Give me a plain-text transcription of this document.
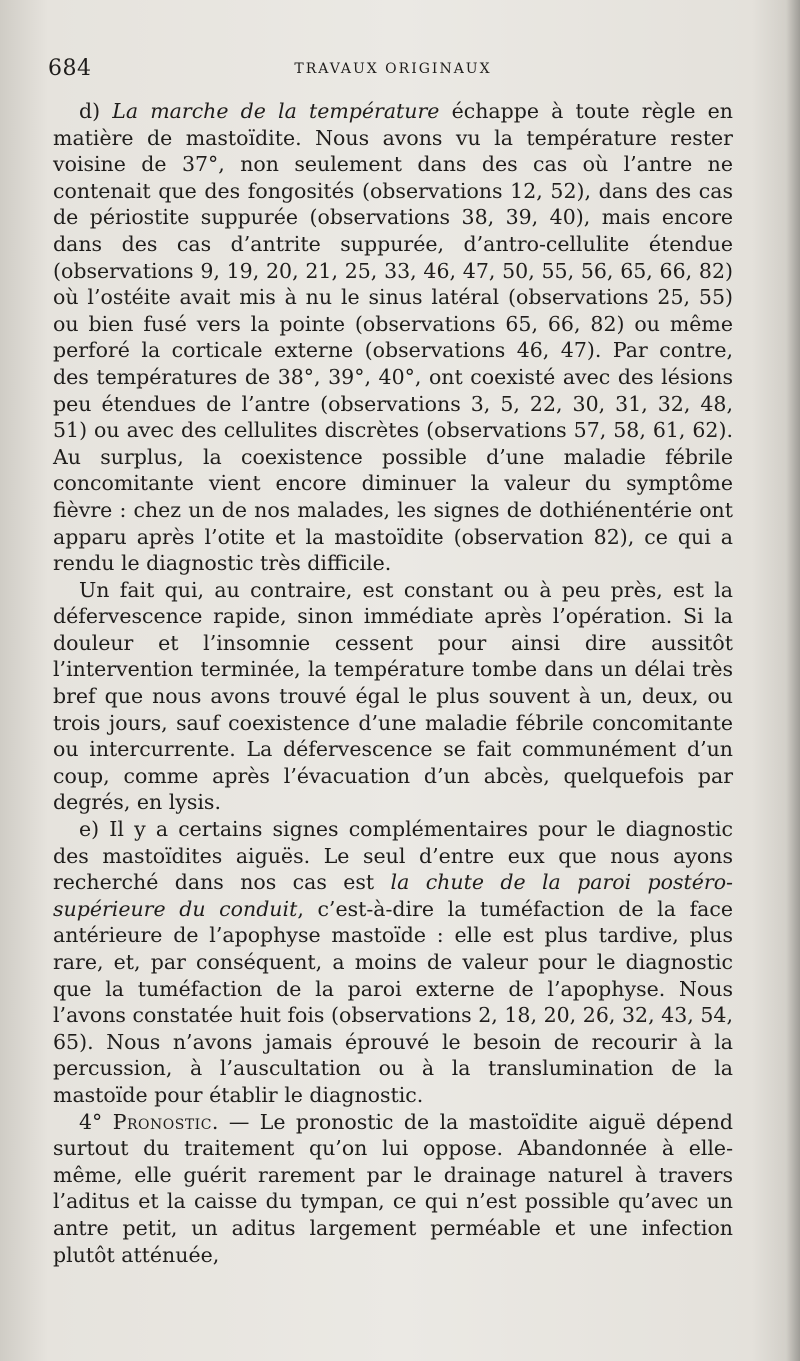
684	TRAVAUX ORIGINAUX

d) La marche de la température échappe à toute règle en matière de mastoïdite. Nous avons vu la température rester voisine de 37°, non seulement dans des cas où l’antre ne contenait que des fongosités (observations 12, 52), dans des cas de périostite suppurée (observations 38, 39, 40), mais encore dans des cas d’antrite suppurée, d’antro-cellulite étendue (observations 9, 19, 20, 21, 25, 33, 46, 47, 50, 55, 56, 65, 66, 82) où l’ostéite avait mis à nu le sinus latéral (observations 25, 55) ou bien fusé vers la pointe (observations 65, 66, 82) ou même perforé la corticale externe (observations 46, 47). Par contre, des températures de 38°, 39°, 40°, ont coexisté avec des lésions peu étendues de l’antre (observations 3, 5, 22, 30, 31, 32, 48, 51) ou avec des cellulites discrètes (observations 57, 58, 61, 62). Au surplus, la coexistence possible d’une maladie fébrile concomitante vient encore diminuer la valeur du symptôme fièvre : chez un de nos malades, les signes de dothiénentérie ont apparu après l’otite et la mastoïdite (observation 82), ce qui a rendu le diagnostic très difficile.

Un fait qui, au contraire, est constant ou à peu près, est la défervescence rapide, sinon immédiate après l’opération. Si la douleur et l’insomnie cessent pour ainsi dire aussitôt l’intervention terminée, la température tombe dans un délai très bref que nous avons trouvé égal le plus souvent à un, deux, ou trois jours, sauf coexistence d’une maladie fébrile concomitante ou intercurrente. La défervescence se fait communément d’un coup, comme après l’évacuation d’un abcès, quelquefois par degrés, en lysis.

e) Il y a certains signes complémentaires pour le diagnostic des mastoïdites aiguës. Le seul d’entre eux que nous ayons recherché dans nos cas est la chute de la paroi postéro-supérieure du conduit, c’est-à-dire la tuméfaction de la face antérieure de l’apophyse mastoïde : elle est plus tardive, plus rare, et, par conséquent, a moins de valeur pour le diagnostic que la tuméfaction de la paroi externe de l’apophyse. Nous l’avons constatée huit fois (observations 2, 18, 20, 26, 32, 43, 54, 65). Nous n’avons jamais éprouvé le besoin de recourir à la percussion, à l’auscultation ou à la translumination de la mastoïde pour établir le diagnostic.

4° Pronostic. — Le pronostic de la mastoïdite aiguë dépend surtout du traitement qu’on lui oppose. Abandonnée à elle-même, elle guérit rarement par le drainage naturel à travers l’aditus et la caisse du tympan, ce qui n’est possible qu’avec un antre petit, un aditus largement perméable et une infection plutôt atténuée,
